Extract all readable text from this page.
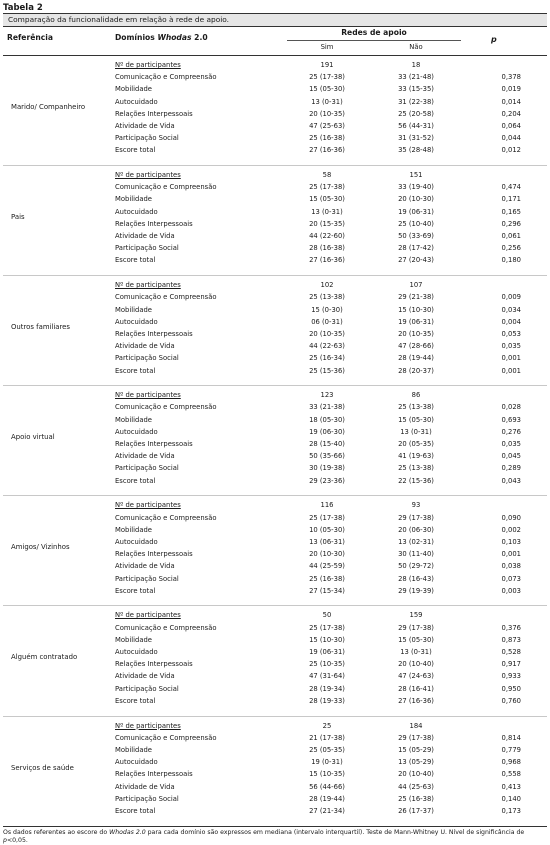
Tabela 2
Comparação da funcionalidade em relação à rede de apoio.
Referência	Domínios Whodas 2.0
Redes de apoio
Sim	Não
p
Marido/ Companheiro
Nº de participantes	191	18
Comunicação e Compreensão	25 (17-38)	33 (21-48)	0,378
Mobilidade	15 (05-30)	33 (15-35)	0,019
Autocuidado	13 (0-31)	31 (22-38)	0,014
Relações Interpessoais	20 (10-35)	25 (20-58)	0,204
Atividade de Vida	47 (25-63)	56 (44-31)	0,064
Participação Social	25 (16-38)	31 (31-52)	0,044
Escore total	27 (16-36)	35 (28-48)	0,012
Pais
Nº de participantes	58	151
Comunicação e Compreensão	25 (17-38)	33 (19-40)	0,474
Mobilidade	15 (05-30)	20 (10-30)	0,171
Autocuidado	13 (0-31)	19 (06-31)	0,165
Relações Interpessoais	20 (15-35)	25 (10-40)	0,296
Atividade de Vida	44 (22-60)	50 (33-69)	0,061
Participação Social	28 (16-38)	28 (17-42)	0,256
Escore total	27 (16-36)	27 (20-43)	0,180
Outros familiares
Nº de participantes	102	107
Comunicação e Compreensão	25 (13-38)	29 (21-38)	0,009
Mobilidade	15 (0-30)	15 (10-30)	0,034
Autocuidado	06 (0-31)	19 (06-31)	0,004
Relações Interpessoais	20 (10-35)	20 (10-35)	0,053
Atividade de Vida	44 (22-63)	47 (28-66)	0,035
Participação Social	25 (16-34)	28 (19-44)	0,001
Escore total	25 (15-36)	28 (20-37)	0,001
Apoio virtual
Nº de participantes	123	86
Comunicação e Compreensão	33 (21-38)	25 (13-38)	0,028
Mobilidade	18 (05-30)	15 (05-30)	0,693
Autocuidado	19 (06-30)	13 (0-31)	0,276
Relações Interpessoais	28 (15-40)	20 (05-35)	0,035
Atividade de Vida	50 (35-66)	41 (19-63)	0,045
Participação Social	30 (19-38)	25 (13-38)	0,289
Escore total	29 (23-36)	22 (15-36)	0,043
Amigos/ Vizinhos
Nº de participantes	116	93
Comunicação e Compreensão	25 (17-38)	29 (17-38)	0,090
Mobilidade	10 (05-30)	20 (06-30)	0,002
Autocuidado	13 (06-31)	13 (02-31)	0,103
Relações Interpessoais	20 (10-30)	30 (11-40)	0,001
Atividade de Vida	44 (25-59)	50 (29-72)	0,038
Participação Social	25 (16-38)	28 (16-43)	0,073
Escore total	27 (15-34)	29 (19-39)	0,003
Alguém contratado
Nº de participantes	50	159
Comunicação e Compreensão	25 (17-38)	29 (17-38)	0,376
Mobilidade	15 (10-30)	15 (05-30)	0,873
Autocuidado	19 (06-31)	13 (0-31)	0,528
Relações Interpessoais	25 (10-35)	20 (10-40)	0,917
Atividade de Vida	47 (31-64)	47 (24-63)	0,933
Participação Social	28 (19-34)	28 (16-41)	0,950
Escore total	28 (19-33)	27 (16-36)	0,760
Serviços de saúde
Nº de participantes	25	184
Comunicação e Compreensão	21 (17-38)	29 (17-38)	0,814
Mobilidade	25 (05-35)	15 (05-29)	0,779
Autocuidado	19 (0-31)	13 (05-29)	0,968
Relações Interpessoais	15 (10-35)	20 (10-40)	0,558
Atividade de Vida	56 (44-66)	44 (25-63)	0,413
Participação Social	28 (19-44)	25 (16-38)	0,140
Escore total	27 (21-34)	26 (17-37)	0,173
Os dados referentes ao escore do Whodas 2.0 para cada domínio são expressos em mediana (intervalo interquartil). Teste de Mann-Whitney U. Nível de significância de p<0,05.
